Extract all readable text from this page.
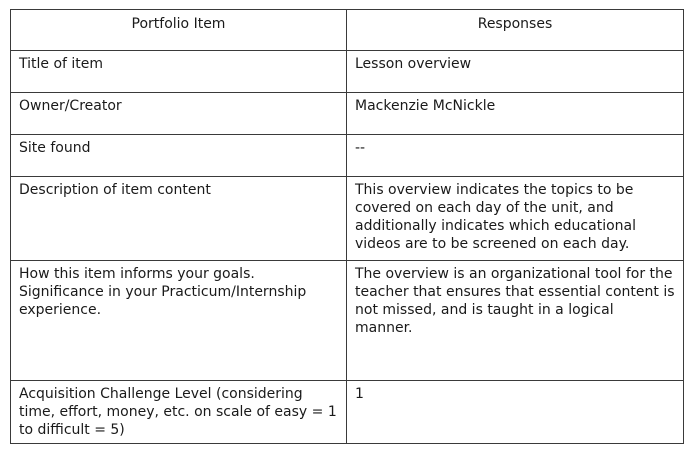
Portfolio Item	Responses
Title of item	Lesson overview
Owner/Creator	Mackenzie McNickle
Site found	--
Description of item content	This overview indicates the topics to be covered on each day of the unit, and additionally indicates which educational videos are to be screened on each day.
How this item informs your goals. Significance in your Practicum/Internship experience.	The overview is an organizational tool for the teacher that ensures that essential content is not missed, and is taught in a logical manner.
Acquisition Challenge Level (considering time, effort, money, etc. on scale of easy = 1 to difficult = 5)	1
